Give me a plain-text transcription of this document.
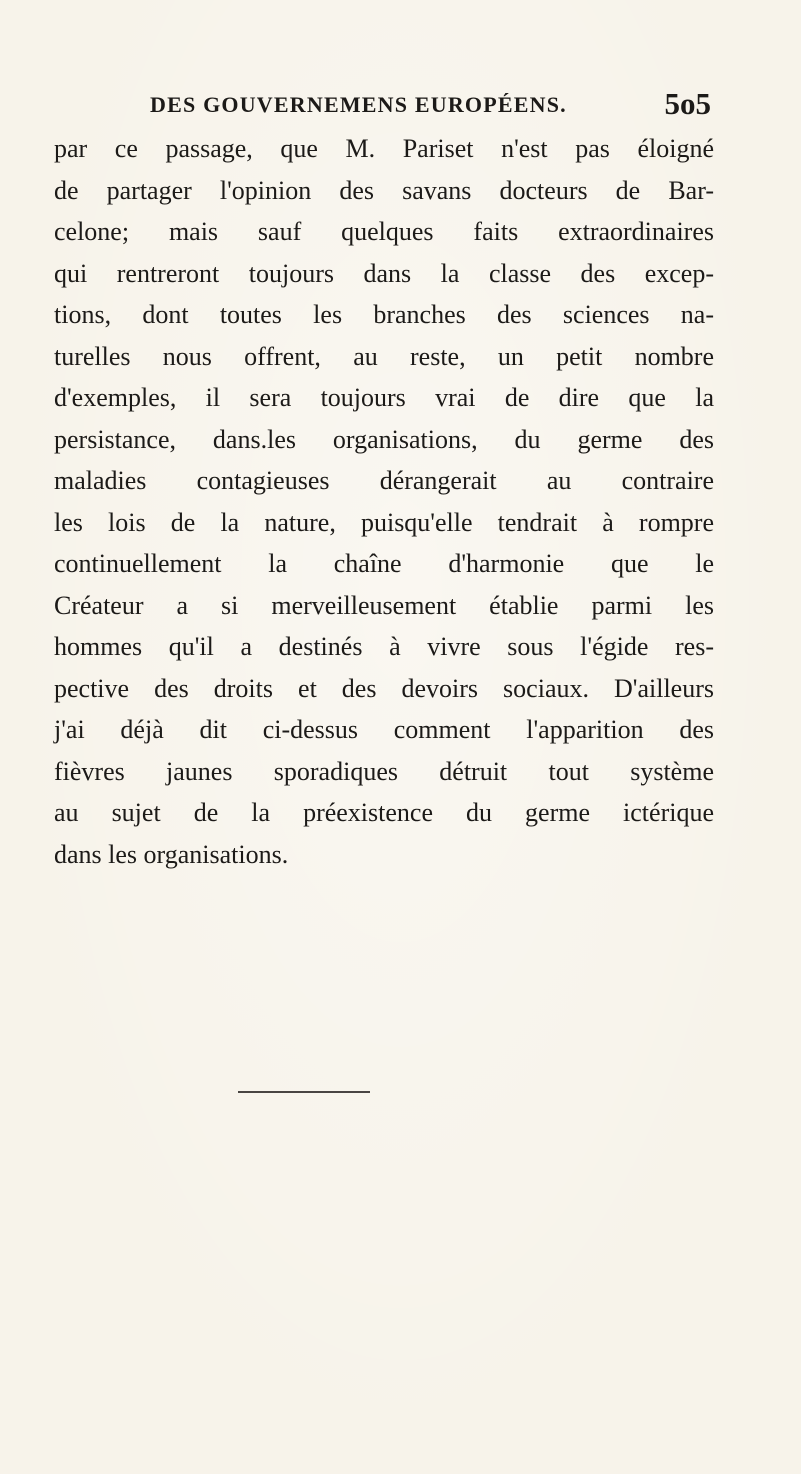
DES GOUVERNEMENS EUROPÉENS.	5o5
par ce passage, que M. Pariset n'est pas éloigné
de partager l'opinion des savans docteurs de Bar-
celone; mais sauf quelques faits extraordinaires
qui rentreront toujours dans la classe des excep-
tions, dont toutes les branches des sciences na-
turelles nous offrent, au reste, un petit nombre
d'exemples, il sera toujours vrai de dire que la
persistance, dans.les organisations, du germe des
maladies contagieuses dérangerait au contraire
les lois de la nature, puisqu'elle tendrait à rompre
continuellement la chaîne d'harmonie que le
Créateur a si merveilleusement établie parmi les
hommes qu'il a destinés à vivre sous l'égide res-
pective des droits et des devoirs sociaux. D'ailleurs
j'ai déjà dit ci-dessus comment l'apparition des
fièvres jaunes sporadiques détruit tout système
au sujet de la préexistence du germe ictérique
dans les organisations.
